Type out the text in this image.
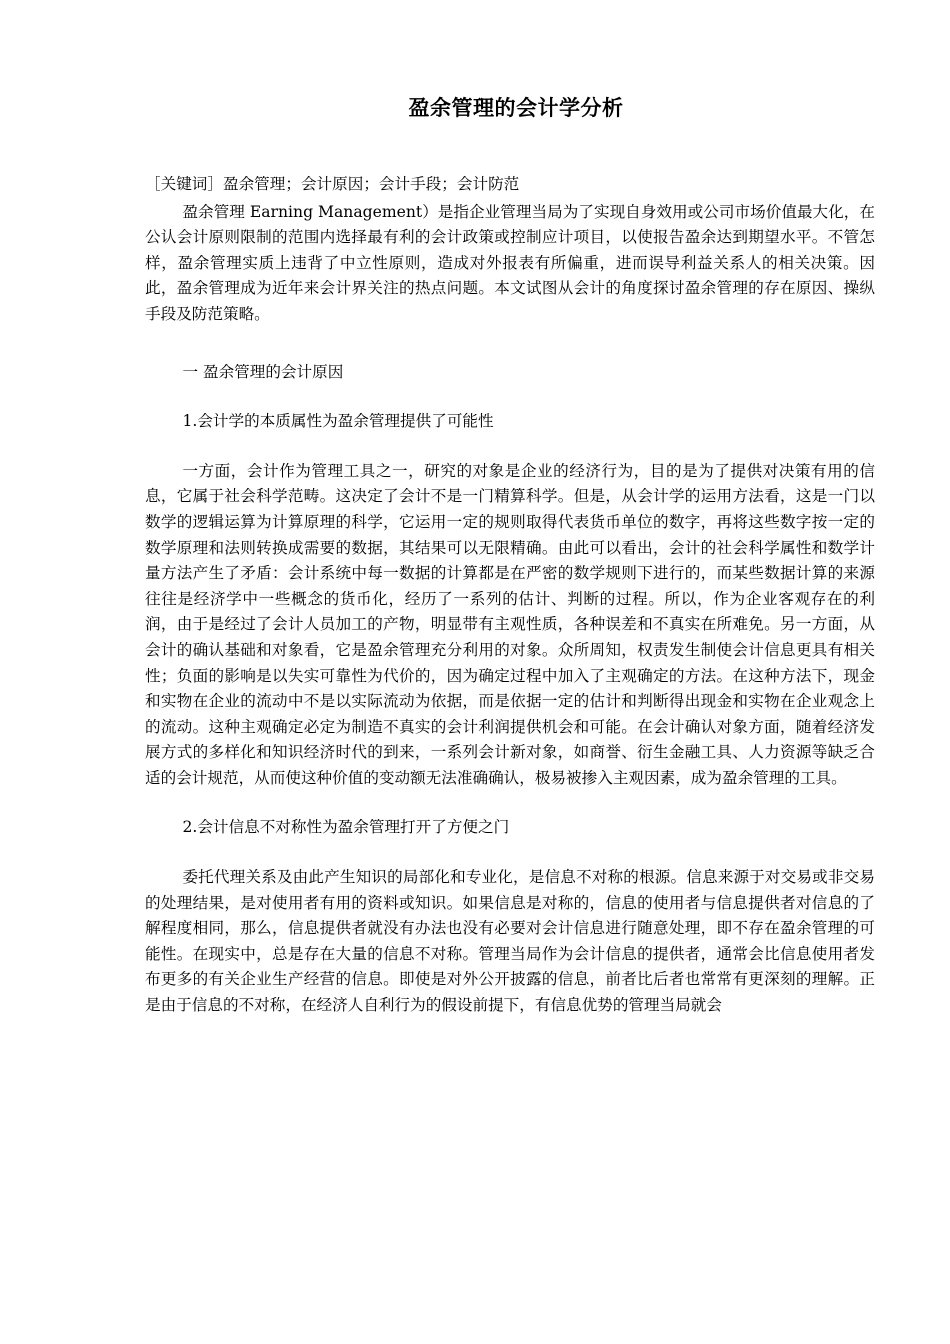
盈余管理的会计学分析

［关键词］盈余管理；会计原因；会计手段；会计防范

盈余管理 Earning Management）是指企业管理当局为了实现自身效用或公司市场价值最大化，在公认会计原则限制的范围内选择最有利的会计政策或控制应计项目，以使报告盈余达到期望水平。不管怎样，盈余管理实质上违背了中立性原则，造成对外报表有所偏重，进而误导利益关系人的相关决策。因此，盈余管理成为近年来会计界关注的热点问题。本文试图从会计的角度探讨盈余管理的存在原因、操纵手段及防范策略。

一 盈余管理的会计原因

1.会计学的本质属性为盈余管理提供了可能性

一方面，会计作为管理工具之一，研究的对象是企业的经济行为，目的是为了提供对决策有用的信息，它属于社会科学范畴。这决定了会计不是一门精算科学。但是，从会计学的运用方法看，这是一门以数学的逻辑运算为计算原理的科学，它运用一定的规则取得代表货币单位的数字，再将这些数字按一定的数学原理和法则转换成需要的数据，其结果可以无限精确。由此可以看出，会计的社会科学属性和数学计量方法产生了矛盾：会计系统中每一数据的计算都是在严密的数学规则下进行的，而某些数据计算的来源往往是经济学中一些概念的货币化，经历了一系列的估计、判断的过程。所以，作为企业客观存在的利润，由于是经过了会计人员加工的产物，明显带有主观性质，各种误差和不真实在所难免。另一方面，从会计的确认基础和对象看，它是盈余管理充分利用的对象。众所周知，权责发生制使会计信息更具有相关性；负面的影响是以失实可靠性为代价的，因为确定过程中加入了主观确定的方法。在这种方法下，现金和实物在企业的流动中不是以实际流动为依据，而是依据一定的估计和判断得出现金和实物在企业观念上的流动。这种主观确定必定为制造不真实的会计利润提供机会和可能。在会计确认对象方面，随着经济发展方式的多样化和知识经济时代的到来，一系列会计新对象，如商誉、衍生金融工具、人力资源等缺乏合适的会计规范，从而使这种价值的变动额无法准确确认，极易被掺入主观因素，成为盈余管理的工具。

2.会计信息不对称性为盈余管理打开了方便之门

委托代理关系及由此产生知识的局部化和专业化，是信息不对称的根源。信息来源于对交易或非交易的处理结果，是对使用者有用的资料或知识。如果信息是对称的，信息的使用者与信息提供者对信息的了解程度相同，那么，信息提供者就没有办法也没有必要对会计信息进行随意处理，即不存在盈余管理的可能性。在现实中，总是存在大量的信息不对称。管理当局作为会计信息的提供者，通常会比信息使用者发布更多的有关企业生产经营的信息。即使是对外公开披露的信息，前者比后者也常常有更深刻的理解。正是由于信息的不对称，在经济人自利行为的假设前提下，有信息优势的管理当局就会
